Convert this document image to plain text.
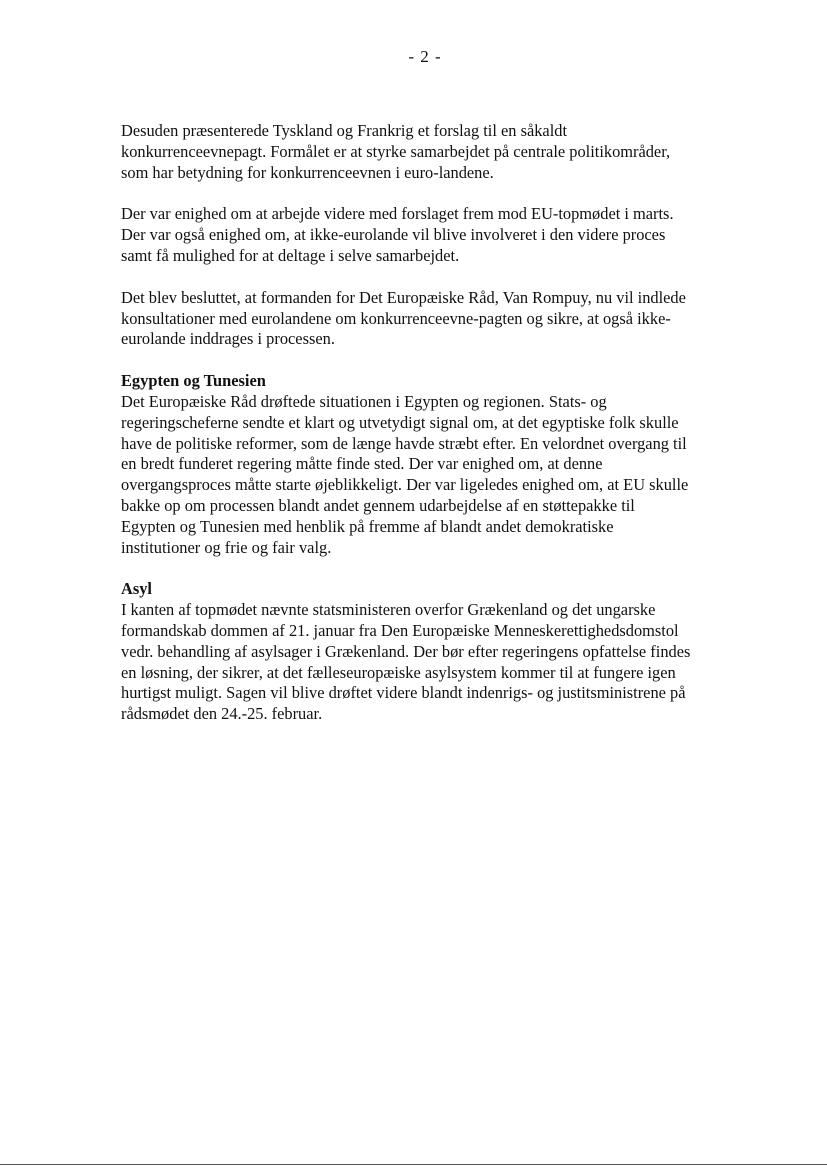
- 2 -

Desuden præsenterede Tyskland og Frankrig et forslag til en såkaldt
konkurrenceevnepagt. Formålet er at styrke samarbejdet på centrale politikområder,
som har betydning for konkurrenceevnen i euro-landene.

Der var enighed om at arbejde videre med forslaget frem mod EU-topmødet i marts.
Der var også enighed om, at ikke-eurolande vil blive involveret i den videre proces
samt få mulighed for at deltage i selve samarbejdet.

Det blev besluttet, at formanden for Det Europæiske Råd, Van Rompuy, nu vil indlede
konsultationer med eurolandene om konkurrenceevne-pagten og sikre, at også ikke-
eurolande inddrages i processen.

Egypten og Tunesien

Det Europæiske Råd drøftede situationen i Egypten og regionen. Stats- og
regeringscheferne sendte et klart og utvetydigt signal om, at det egyptiske folk skulle
have de politiske reformer, som de længe havde stræbt efter. En velordnet overgang til
en bredt funderet regering måtte finde sted. Der var enighed om, at denne
overgangsproces måtte starte øjeblikkeligt. Der var ligeledes enighed om, at EU skulle
bakke op om processen blandt andet gennem udarbejdelse af en støttepakke til
Egypten og Tunesien med henblik på fremme af blandt andet demokratiske
institutioner og frie og fair valg.

Asyl

I kanten af topmødet nævnte statsministeren overfor Grækenland og det ungarske
formandskab dommen af 21. januar fra Den Europæiske Menneskerettighedsdomstol
vedr. behandling af asylsager i Grækenland. Der bør efter regeringens opfattelse findes
en løsning, der sikrer, at det fælleseuropæiske asylsystem kommer til at fungere igen
hurtigst muligt. Sagen vil blive drøftet videre blandt indenrigs- og justitsministrene på
rådsmødet den 24.-25. februar.
